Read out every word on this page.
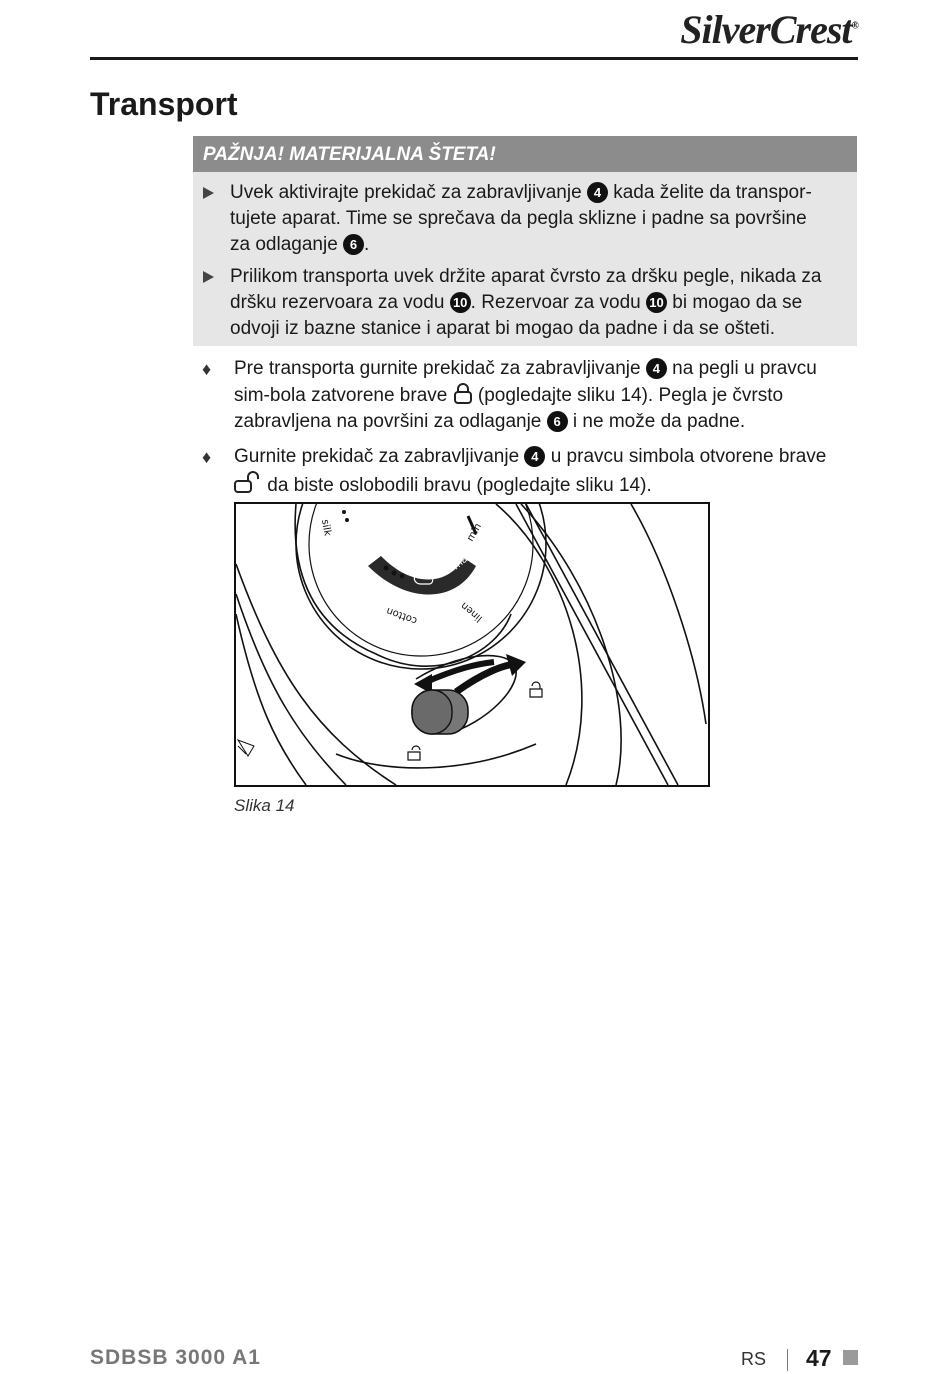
SilverCrest®
Transport
PAŽNJA! MATERIJALNA ŠTETA!
Uvek aktivirajte prekidač za zabravljivanje 4 kada želite da transpor-tujete aparat. Time se sprečava da pegla sklizne i padne sa površine za odlaganje 6 .
Prilikom transporta uvek držite aparat čvrsto za dršku pegle, nikada za dršku rezervoara za vodu 10 . Rezervoar za vodu 10 bi mogao da se odvoji iz bazne stanice i aparat bi mogao da padne i da se ošteti.
♦ Pre transporta gurnite prekidač za zabravljivanje 4 na pegli u pravcu sim-bola zatvorene brave  (pogledajte sliku 14). Pegla je čvrsto zabravljena na površini za odlaganje 6 i ne može da padne.
♦ Gurnite prekidač za zabravljivanje 4 u pravcu simbola otvorene brave  da biste oslobodili bravu (pogledajte sliku 14).
silk	min
max
cotton	linen
Slika 14
SDBSB 3000 A1	RS 47
